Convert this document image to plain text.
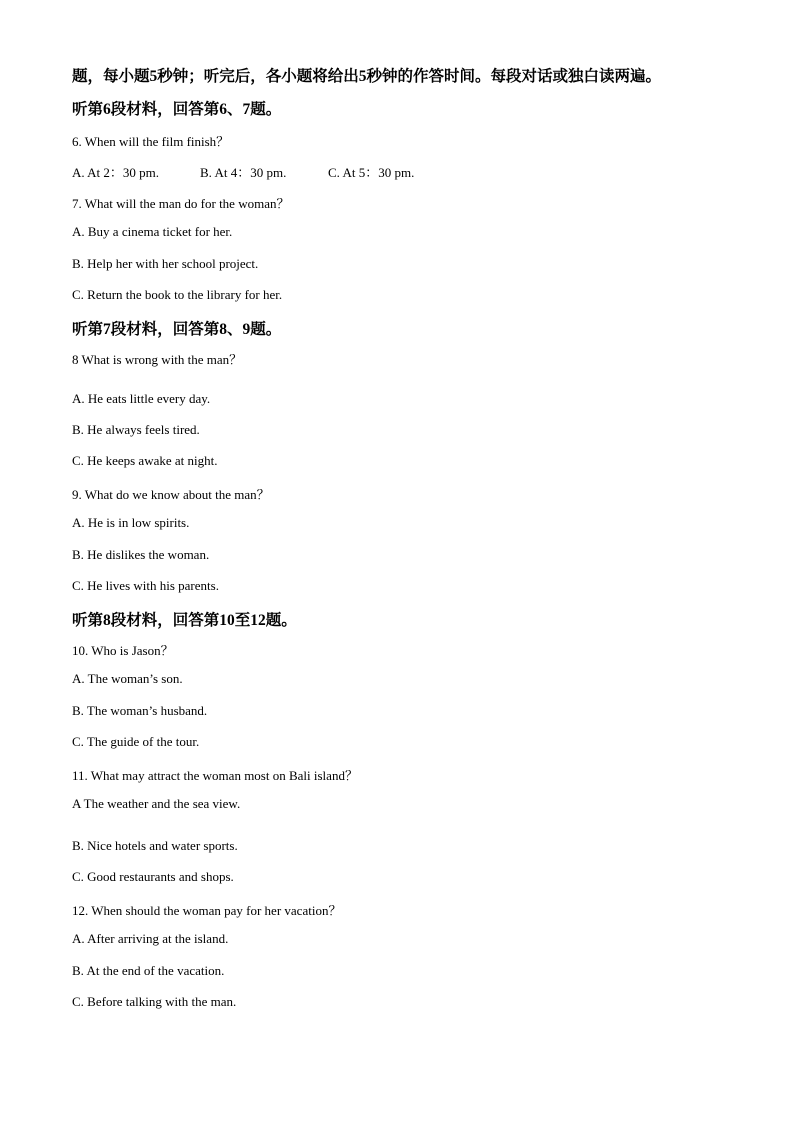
题，每小题5秒钟；听完后，各小题将给出5秒钟的作答时间。每段对话或独白读两遍。
听第6段材料，回答第6、7题。
6. When will the film finish？
A. At 2：30 pm.	B. At 4：30 pm.	C. At 5：30 pm.
7. What will the man do for the woman？
A. Buy a cinema ticket for her.
B. Help her with her school project.
C. Return the book to the library for her.
听第7段材料，回答第8、9题。
8 What is wrong with the man？
A. He eats little every day.
B. He always feels tired.
C. He keeps awake at night.
9. What do we know about the man？
A. He is in low spirits.
B. He dislikes the woman.
C. He lives with his parents.
听第8段材料，回答第10至12题。
10. Who is Jason？
A. The woman’s son.
B. The woman’s husband.
C. The guide of the tour.
11. What may attract the woman most on Bali island？
A The weather and the sea view.
B. Nice hotels and water sports.
C. Good restaurants and shops.
12. When should the woman pay for her vacation？
A. After arriving at the island.
B. At the end of the vacation.
C. Before talking with the man.
